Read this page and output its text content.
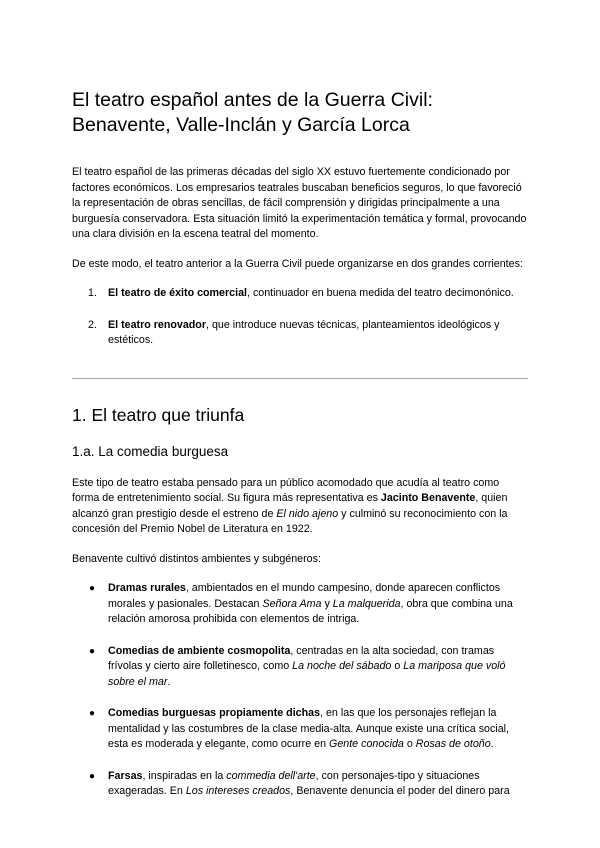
El teatro español antes de la Guerra Civil: Benavente, Valle-Inclán y García Lorca

El teatro español de las primeras décadas del siglo XX estuvo fuertemente condicionado por factores económicos. Los empresarios teatrales buscaban beneficios seguros, lo que favoreció la representación de obras sencillas, de fácil comprensión y dirigidas principalmente a una burguesía conservadora. Esta situación limitó la experimentación temática y formal, provocando una clara división en la escena teatral del momento.

De este modo, el teatro anterior a la Guerra Civil puede organizarse en dos grandes corrientes:

1. El teatro de éxito comercial, continuador en buena medida del teatro decimonónico.
2. El teatro renovador, que introduce nuevas técnicas, planteamientos ideológicos y estéticos.
1. El teatro que triunfa
1.a. La comedia burguesa

Este tipo de teatro estaba pensado para un público acomodado que acudía al teatro como forma de entretenimiento social. Su figura más representativa es Jacinto Benavente, quien alcanzó gran prestigio desde el estreno de El nido ajeno y culminó su reconocimiento con la concesión del Premio Nobel de Literatura en 1922.

Benavente cultivó distintos ambientes y subgéneros:

● Dramas rurales, ambientados en el mundo campesino, donde aparecen conflictos morales y pasionales. Destacan Señora Ama y La malquerida, obra que combina una relación amorosa prohibida con elementos de intriga.
● Comedias de ambiente cosmopolita, centradas en la alta sociedad, con tramas frívolas y cierto aire folletinesco, como La noche del sábado o La mariposa que voló sobre el mar.
● Comedias burguesas propiamente dichas, en las que los personajes reflejan la mentalidad y las costumbres de la clase media-alta. Aunque existe una crítica social, esta es moderada y elegante, como ocurre en Gente conocida o Rosas de otoño.
● Farsas, inspiradas en la commedia dell'arte, con personajes-tipo y situaciones exageradas. En Los intereses creados, Benavente denuncia el poder del dinero para
